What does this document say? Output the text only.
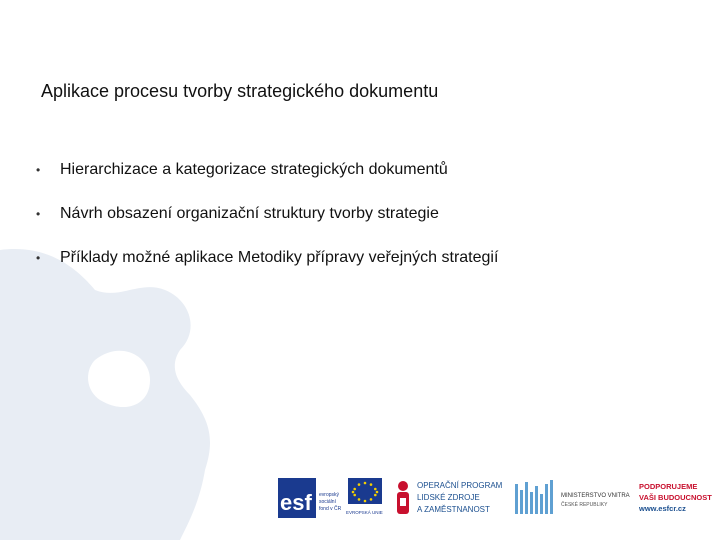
Aplikace procesu tvorby strategického dokumentu
•	Hierarchizace a kategorizace strategických dokumentů
•	Návrh obsazení organizační struktury tvorby strategie
•	Příklady možné aplikace Metodiky přípravy veřejných strategií
esf evropský
sociální
fond v ČR
EVROPSKÁ UNIE
OPERAČNÍ PROGRAM
LIDSKÉ ZDROJE
A ZAMĚSTNANOST
MINISTERSTVO VNITRA
ČESKÉ REPUBLIKY
PODPORUJEME
VAŠI BUDOUCNOST
www.esfcr.cz
